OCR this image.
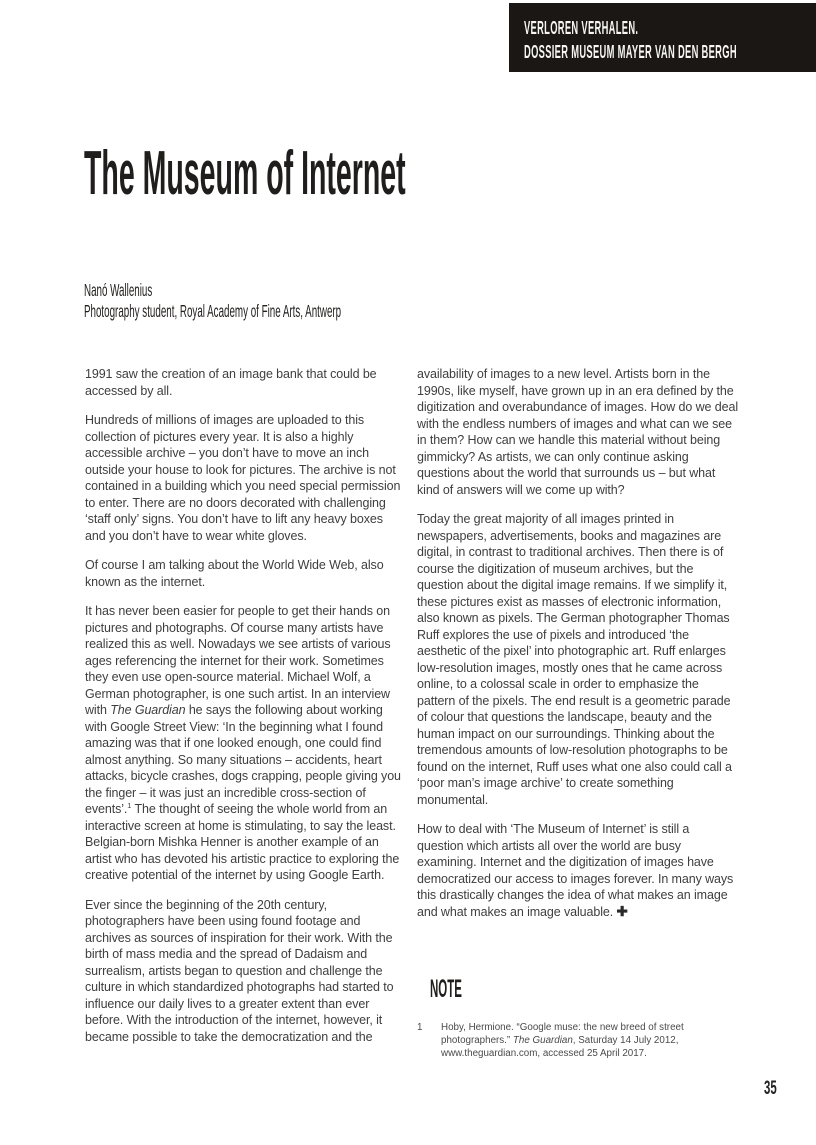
VERLOREN VERHALEN.
DOSSIER MUSEUM MAYER VAN DEN BERGH
The Museum of Internet
Nanó Wallenius
Photography student, Royal Academy of Fine Arts, Antwerp

1991 saw the creation of an image bank that could be accessed by all.

Hundreds of millions of images are uploaded to this collection of pictures every year. It is also a highly accessible archive – you don’t have to move an inch outside your house to look for pictures. The archive is not contained in a building which you need special permission to enter. There are no doors decorated with challenging ‘staff only’ signs. You don’t have to lift any heavy boxes and you don’t have to wear white gloves.

Of course I am talking about the World Wide Web, also known as the internet.

It has never been easier for people to get their hands on pictures and photographs. Of course many artists have realized this as well. Nowadays we see artists of various ages referencing the internet for their work. Sometimes they even use open-source material. Michael Wolf, a German photographer, is one such artist. In an interview with The Guardian he says the following about working with Google Street View: ‘In the beginning what I found amazing was that if one looked enough, one could find almost anything. So many situations – accidents, heart attacks, bicycle crashes, dogs crapping, people giving you the finger – it was just an incredible cross-section of events’.$^1$ The thought of seeing the whole world from an interactive screen at home is stimulating, to say the least. Belgian-born Mishka Henner is another example of an artist who has devoted his artistic practice to exploring the creative potential of the internet by using Google Earth.

Ever since the beginning of the 20th century, photographers have been using found footage and archives as sources of inspiration for their work. With the birth of mass media and the spread of Dadaism and surrealism, artists began to question and challenge the culture in which standardized photographs had started to influence our daily lives to a greater extent than ever before. With the introduction of the internet, however, it became possible to take the democratization and the

availability of images to a new level. Artists born in the 1990s, like myself, have grown up in an era defined by the digitization and overabundance of images. How do we deal with the endless numbers of images and what can we see in them? How can we handle this material without being gimmicky? As artists, we can only continue asking questions about the world that surrounds us – but what kind of answers will we come up with?

Today the great majority of all images printed in newspapers, advertisements, books and magazines are digital, in contrast to traditional archives. Then there is of course the digitization of museum archives, but the question about the digital image remains. If we simplify it, these pictures exist as masses of electronic information, also known as pixels. The German photographer Thomas Ruff explores the use of pixels and introduced ‘the aesthetic of the pixel’ into photographic art. Ruff enlarges low-resolution images, mostly ones that he came across online, to a colossal scale in order to emphasize the pattern of the pixels. The end result is a geometric parade of colour that questions the landscape, beauty and the human impact on our surroundings. Thinking about the tremendous amounts of low-resolution photographs to be found on the internet, Ruff uses what one also could call a ‘poor man’s image archive’ to create something monumental.

How to deal with ‘The Museum of Internet’ is still a question which artists all over the world are busy examining. Internet and the digitization of images have democratized our access to images forever. In many ways this drastically changes the idea of what makes an image and what makes an image valuable. ✚

NOTE
1	Hoby, Hermione. “Google muse: the new breed of street photographers.” The Guardian, Saturday 14 July 2012, www.theguardian.com, accessed 25 April 2017.
35
